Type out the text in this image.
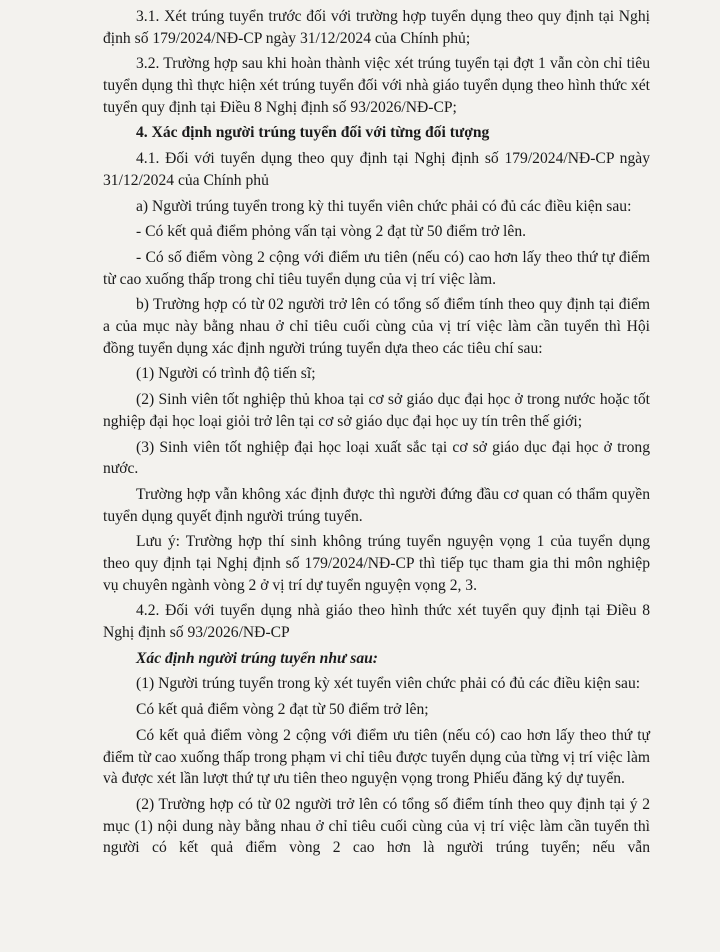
3.1. Xét trúng tuyển trước đối với trường hợp tuyển dụng theo quy định tại Nghị định số 179/2024/NĐ-CP ngày 31/12/2024 của Chính phủ;

3.2. Trường hợp sau khi hoàn thành việc xét trúng tuyển tại đợt 1 vẫn còn chỉ tiêu tuyển dụng thì thực hiện xét trúng tuyển đối với nhà giáo tuyển dụng theo hình thức xét tuyển quy định tại Điều 8 Nghị định số 93/2026/NĐ-CP;

4. Xác định người trúng tuyển đối với từng đối tượng

4.1. Đối với tuyển dụng theo quy định tại Nghị định số 179/2024/NĐ-CP ngày 31/12/2024 của Chính phủ

a) Người trúng tuyển trong kỳ thi tuyển viên chức phải có đủ các điều kiện sau:

- Có kết quả điểm phỏng vấn tại vòng 2 đạt từ 50 điểm trở lên.

- Có số điểm vòng 2 cộng với điểm ưu tiên (nếu có) cao hơn lấy theo thứ tự điểm từ cao xuống thấp trong chỉ tiêu tuyển dụng của vị trí việc làm.

b) Trường hợp có từ 02 người trở lên có tổng số điểm tính theo quy định tại điểm a của mục này bằng nhau ở chỉ tiêu cuối cùng của vị trí việc làm cần tuyển thì Hội đồng tuyển dụng xác định người trúng tuyển dựa theo các tiêu chí sau:

(1) Người có trình độ tiến sĩ;

(2) Sinh viên tốt nghiệp thủ khoa tại cơ sở giáo dục đại học ở trong nước hoặc tốt nghiệp đại học loại giỏi trở lên tại cơ sở giáo dục đại học uy tín trên thế giới;

(3) Sinh viên tốt nghiệp đại học loại xuất sắc tại cơ sở giáo dục đại học ở trong nước.

Trường hợp vẫn không xác định được thì người đứng đầu cơ quan có thẩm quyền tuyển dụng quyết định người trúng tuyển.

Lưu ý: Trường hợp thí sinh không trúng tuyển nguyện vọng 1 của tuyển dụng theo quy định tại Nghị định số 179/2024/NĐ-CP thì tiếp tục tham gia thi môn nghiệp vụ chuyên ngành vòng 2 ở vị trí dự tuyển nguyện vọng 2, 3.

4.2. Đối với tuyển dụng nhà giáo theo hình thức xét tuyển quy định tại Điều 8 Nghị định số 93/2026/NĐ-CP

Xác định người trúng tuyển như sau:

(1) Người trúng tuyển trong kỳ xét tuyển viên chức phải có đủ các điều kiện sau:

Có kết quả điểm vòng 2 đạt từ 50 điểm trở lên;

Có kết quả điểm vòng 2 cộng với điểm ưu tiên (nếu có) cao hơn lấy theo thứ tự điểm từ cao xuống thấp trong phạm vi chỉ tiêu được tuyển dụng của từng vị trí việc làm và được xét lần lượt thứ tự ưu tiên theo nguyện vọng trong Phiếu đăng ký dự tuyển.

(2) Trường hợp có từ 02 người trở lên có tổng số điểm tính theo quy định tại ý 2 mục (1) nội dung này bằng nhau ở chỉ tiêu cuối cùng của vị trí việc làm cần tuyển thì người có kết quả điểm vòng 2 cao hơn là người trúng tuyển; nếu vẫn
